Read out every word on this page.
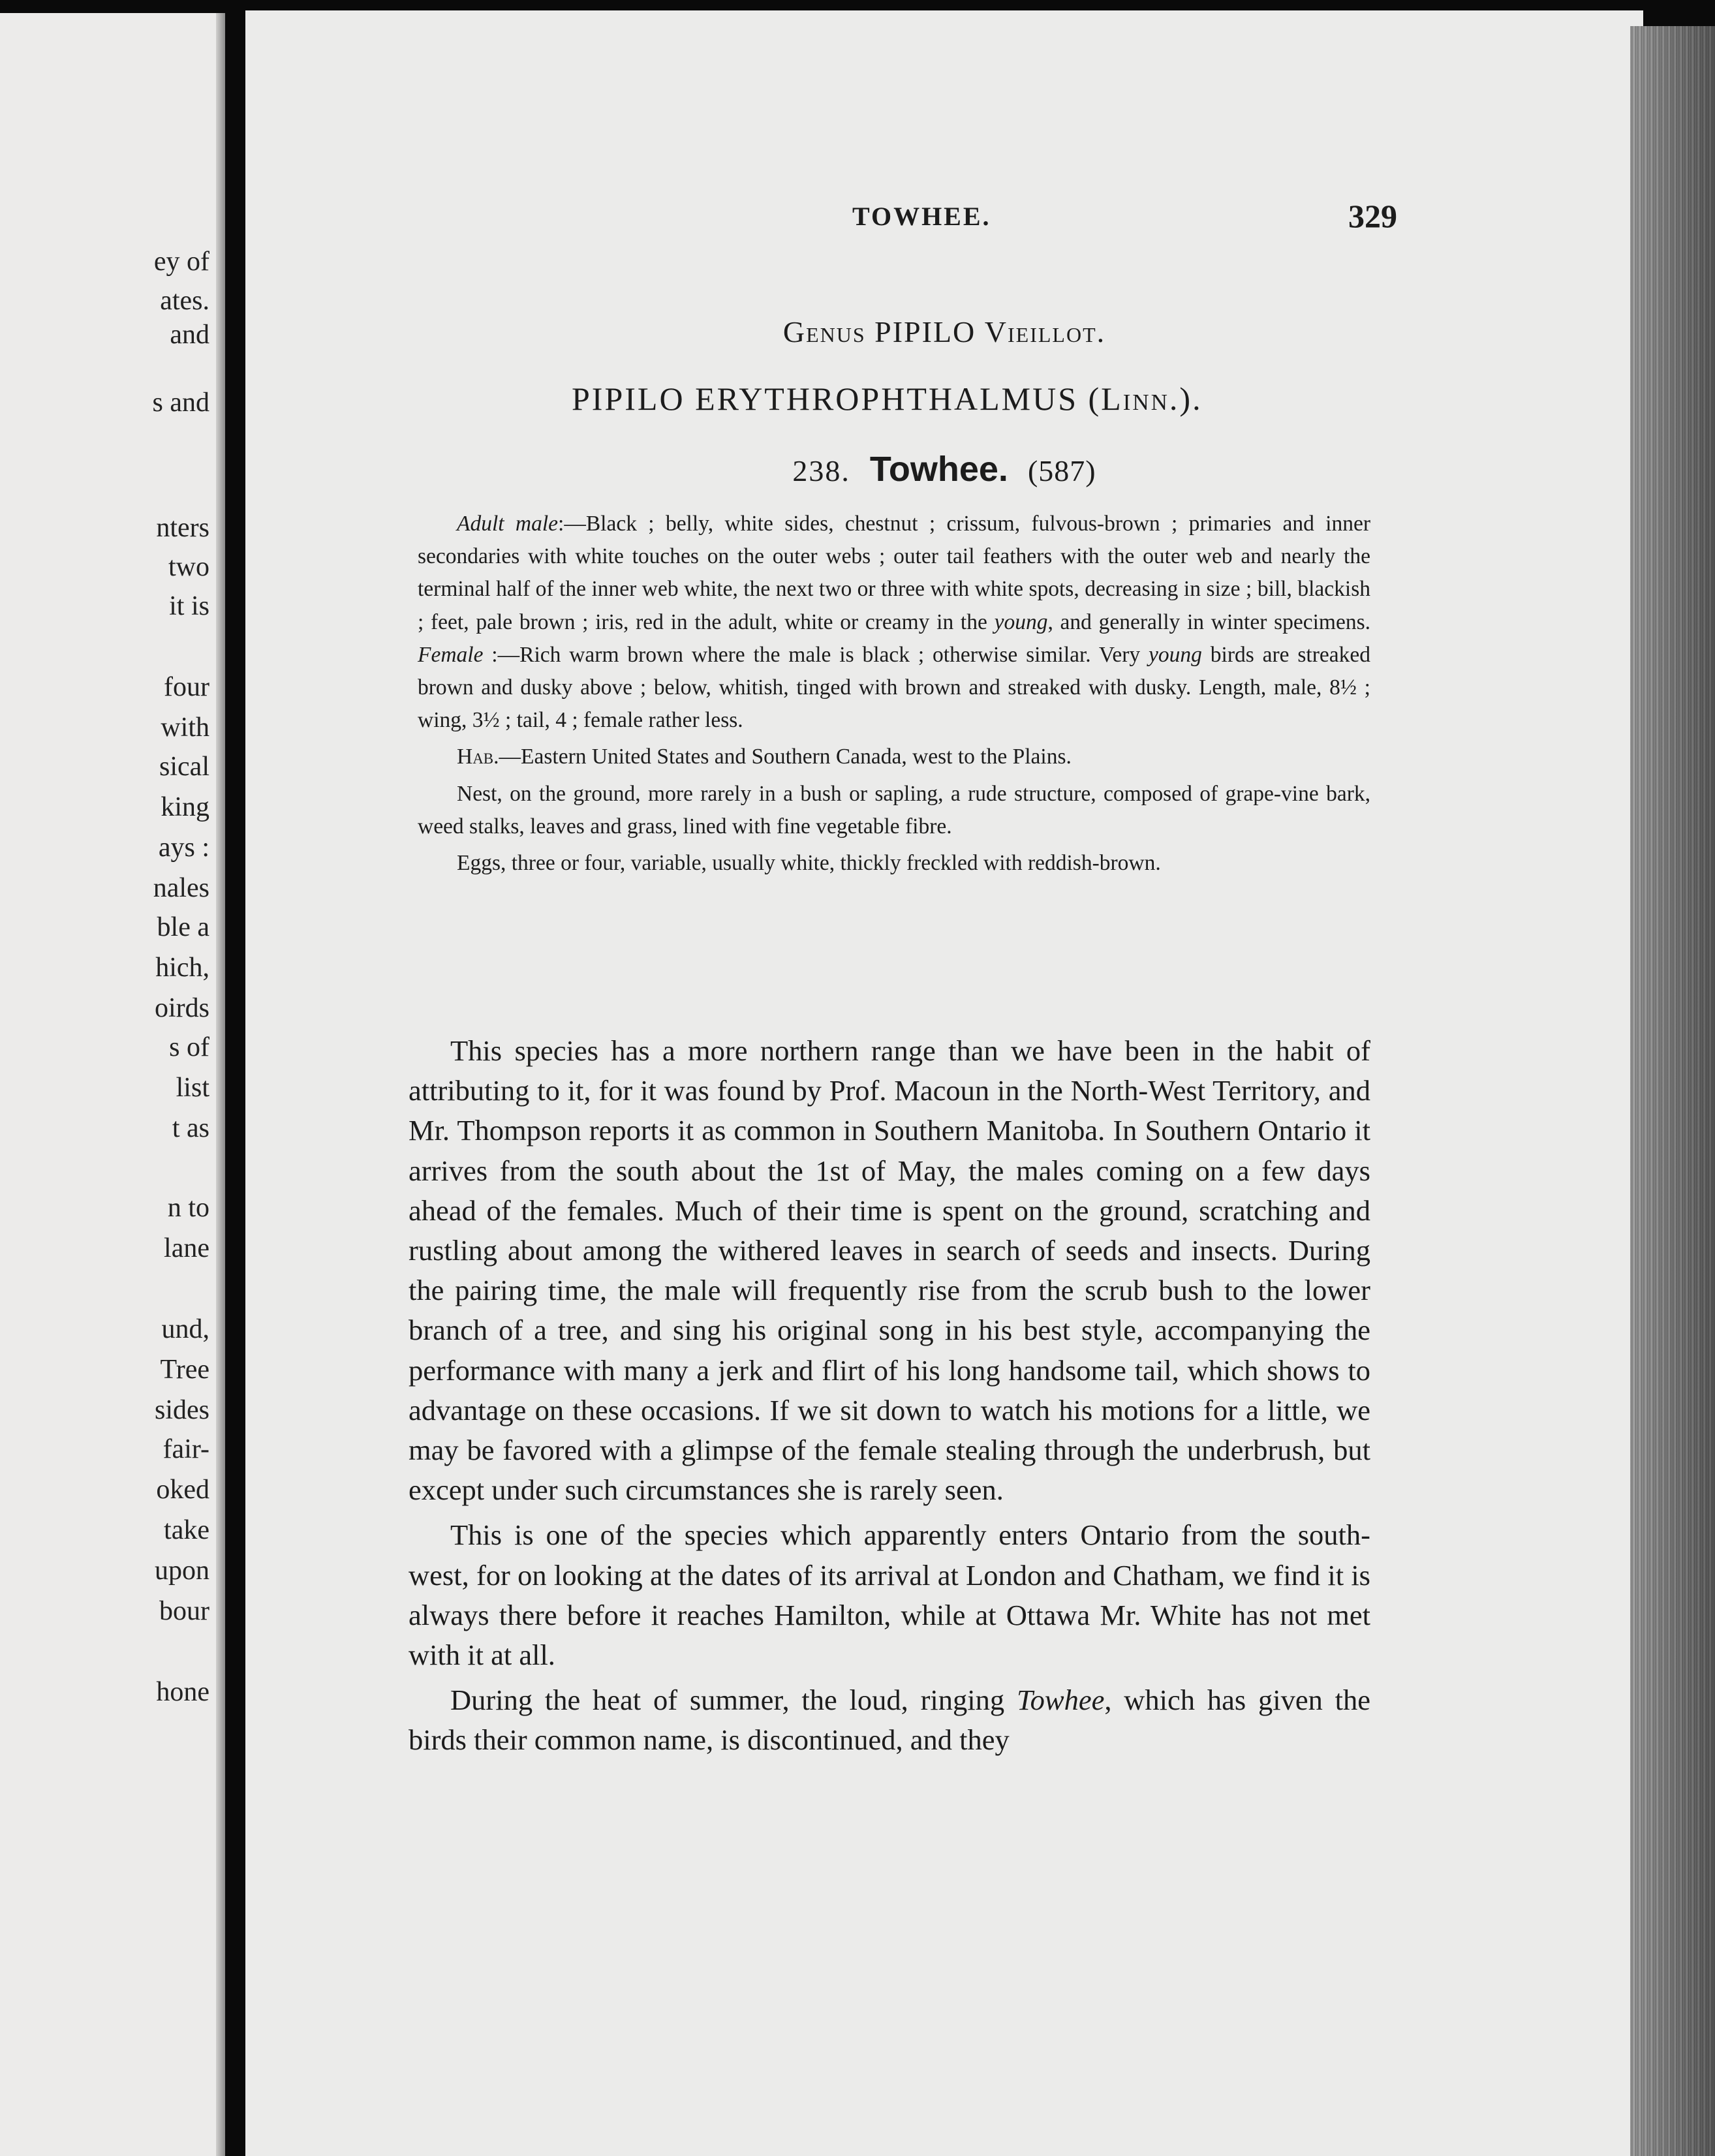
ey of
ates.
and
s and
nters
two
it is
four
with
sical
king
ays :
nales
ble a
hich,
oirds
s of
list
t as
n to
lane
und,
Tree
sides
fair-
oked
take
upon
bour
hone
TOWHEE.	329
Genus PIPILO Vieillot.
PIPILO ERYTHROPHTHALMUS (Linn.).
238. Towhee. (587)

Adult male:—Black ; belly, white sides, chestnut ; crissum, fulvous-brown ; primaries and inner secondaries with white touches on the outer webs ; outer tail feathers with the outer web and nearly the terminal half of the inner web white, the next two or three with white spots, decreasing in size ; bill, blackish ; feet, pale brown ; iris, red in the adult, white or creamy in the young, and generally in winter specimens. Female :—Rich warm brown where the male is black ; otherwise similar. Very young birds are streaked brown and dusky above ; below, whitish, tinged with brown and streaked with dusky. Length, male, 8½ ; wing, 3½ ; tail, 4 ; female rather less.

Hab.—Eastern United States and Southern Canada, west to the Plains.

Nest, on the ground, more rarely in a bush or sapling, a rude structure, composed of grape-vine bark, weed stalks, leaves and grass, lined with fine vegetable fibre.

Eggs, three or four, variable, usually white, thickly freckled with reddish-brown.

This species has a more northern range than we have been in the habit of attributing to it, for it was found by Prof. Macoun in the North-West Territory, and Mr. Thompson reports it as common in Southern Manitoba. In Southern Ontario it arrives from the south about the 1st of May, the males coming on a few days ahead of the females. Much of their time is spent on the ground, scratching and rustling about among the withered leaves in search of seeds and insects. During the pairing time, the male will frequently rise from the scrub bush to the lower branch of a tree, and sing his original song in his best style, accompanying the performance with many a jerk and flirt of his long handsome tail, which shows to advantage on these occasions. If we sit down to watch his motions for a little, we may be favored with a glimpse of the female stealing through the underbrush, but except under such circumstances she is rarely seen.

This is one of the species which apparently enters Ontario from the south-west, for on looking at the dates of its arrival at London and Chatham, we find it is always there before it reaches Hamilton, while at Ottawa Mr. White has not met with it at all.

During the heat of summer, the loud, ringing Towhee, which has given the birds their common name, is discontinued, and they
